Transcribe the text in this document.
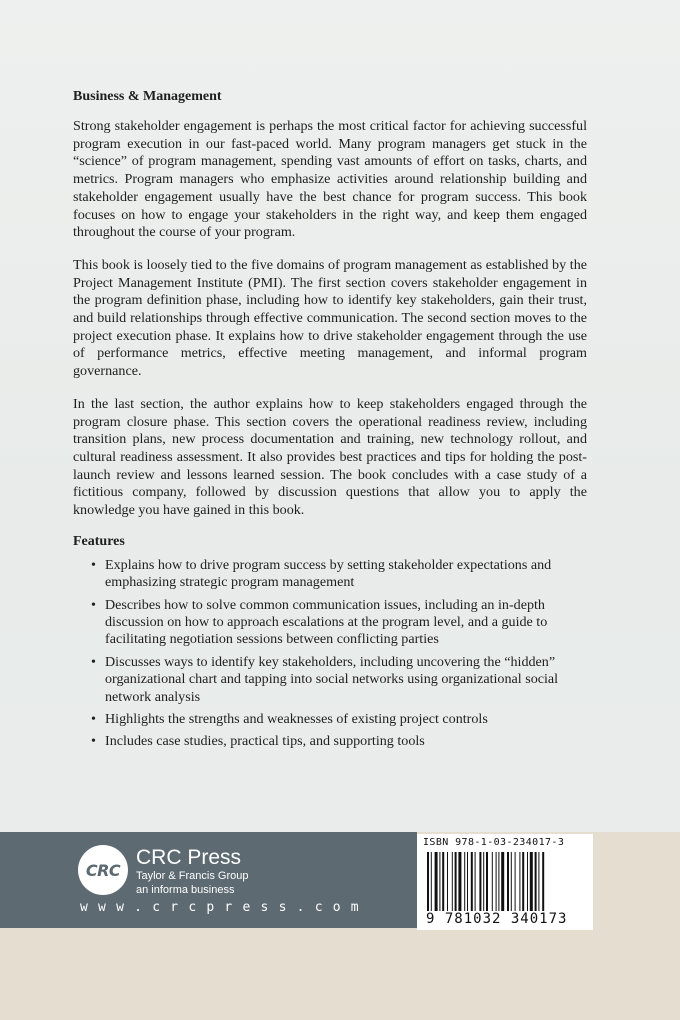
Business & Management

Strong stakeholder engagement is perhaps the most critical factor for achieving successful program execution in our fast-paced world. Many program managers get stuck in the “science” of program management, spending vast amounts of effort on tasks, charts, and metrics. Program managers who emphasize activities around relationship building and stakeholder engagement usually have the best chance for program success. This book focuses on how to engage your stakeholders in the right way, and keep them engaged throughout the course of your program.

This book is loosely tied to the five domains of program management as established by the Project Management Institute (PMI). The first section covers stakeholder engagement in the program definition phase, including how to identify key stakeholders, gain their trust, and build relationships through effective communication. The second section moves to the project execution phase. It explains how to drive stakeholder engagement through the use of performance metrics, effective meeting management, and informal program governance.

In the last section, the author explains how to keep stakeholders engaged through the program closure phase. This section covers the operational readiness review, including transition plans, new process documentation and training, new technology rollout, and cultural readiness assessment. It also provides best practices and tips for holding the post-launch review and lessons learned session. The book concludes with a case study of a fictitious company, followed by discussion questions that allow you to apply the knowledge you have gained in this book.

Features
• Explains how to drive program success by setting stakeholder expectations and emphasizing strategic program management
• Describes how to solve common communication issues, including an in-depth discussion on how to approach escalations at the program level, and a guide to facilitating negotiation sessions between conflicting parties
• Discusses ways to identify key stakeholders, including uncovering the “hidden” organizational chart and tapping into social networks using organizational social network analysis
• Highlights the strengths and weaknesses of existing project controls
• Includes case studies, practical tips, and supporting tools
CRC
CRC Press
Taylor & Francis Group
an informa business
w w w . c r c p r e s s . c o m
ISBN 978-1-03-234017-3
9 781032 340173
